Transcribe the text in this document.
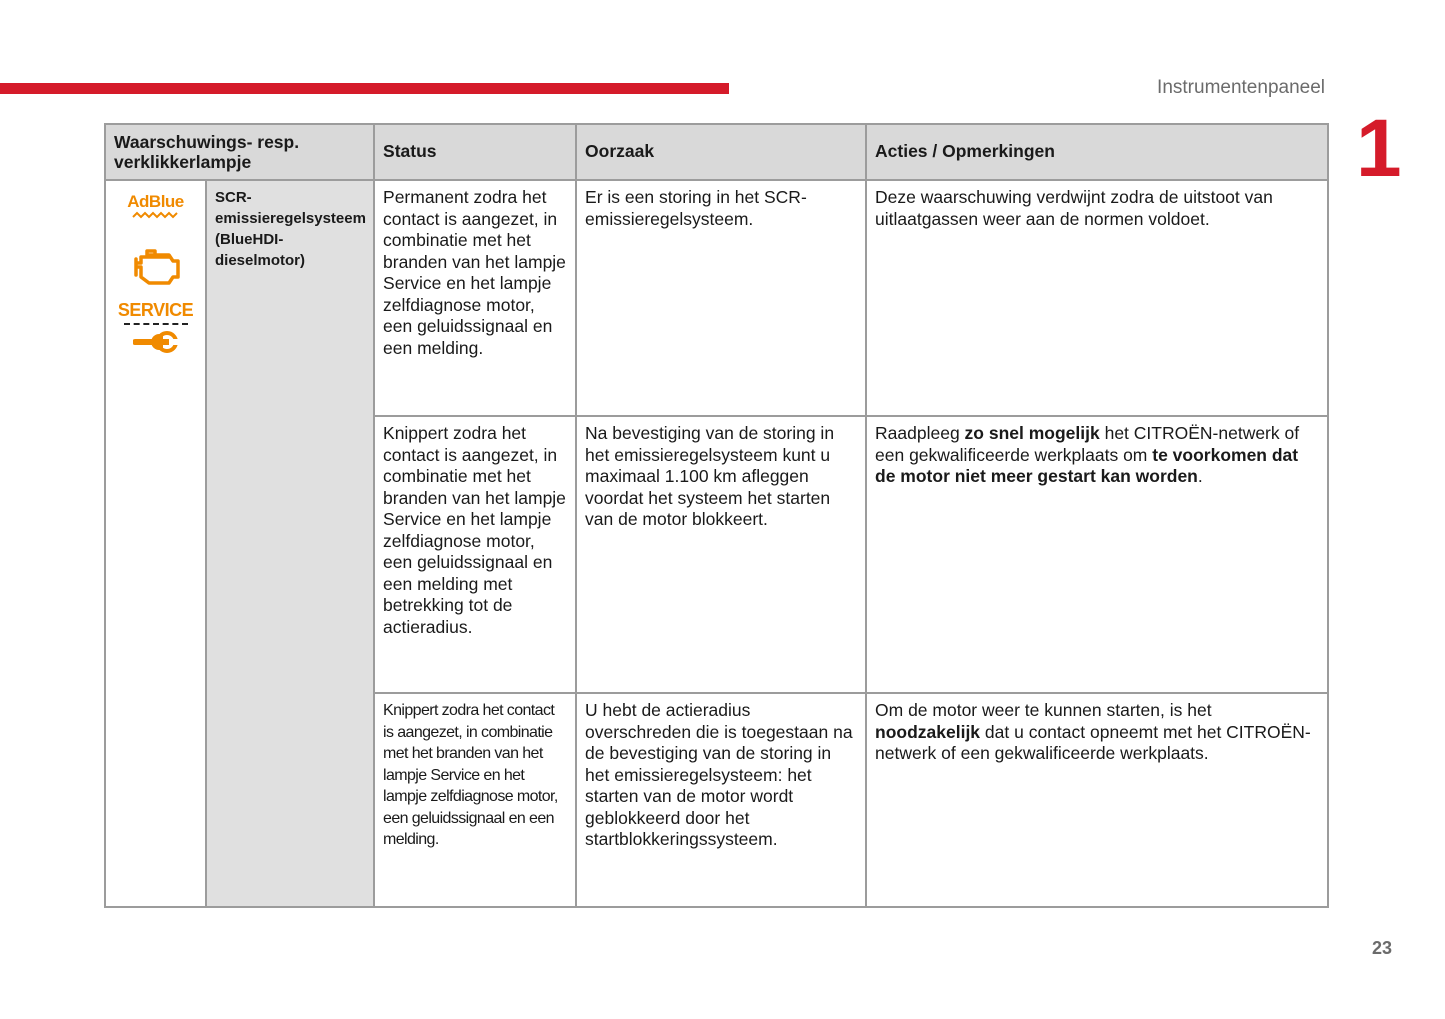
Instrumentenpaneel
1
Waarschuwings- resp. verklikkerlampje		Status	Oorzaak	Acties / Opmerkingen

AdBlue
SERVICE	SCR-emissieregelsysteem (BlueHDI-dieselmotor)	Permanent zodra het contact is aangezet, in combinatie met het branden van het lampje Service en het lampje zelfdiagnose motor, een geluidssignaal en een melding.	Er is een storing in het SCR-emissieregelsysteem.	Deze waarschuwing verdwijnt zodra de uitstoot van uitlaatgassen weer aan de normen voldoet.
		Knippert zodra het contact is aangezet, in combinatie met het branden van het lampje Service en het lampje zelfdiagnose motor, een geluidssignaal en een melding met betrekking tot de actieradius.	Na bevestiging van de storing in het emissieregelsysteem kunt u maximaal 1.100 km afleggen voordat het systeem het starten van de motor blokkeert.	Raadpleeg zo snel mogelijk het CITROËN-netwerk of een gekwalificeerde werkplaats om te voorkomen dat de motor niet meer gestart kan worden.
		Knippert zodra het contact is aangezet, in combinatie met het branden van het lampje Service en het lampje zelfdiagnose motor, een geluidssignaal en een melding.	U hebt de actieradius overschreden die is toegestaan na de bevestiging van de storing in het emissieregelsysteem: het starten van de motor wordt geblokkeerd door het startblokkeringssysteem.	Om de motor weer te kunnen starten, is het noodzakelijk dat u contact opneemt met het CITROËN-netwerk of een gekwalificeerde werkplaats.
23
